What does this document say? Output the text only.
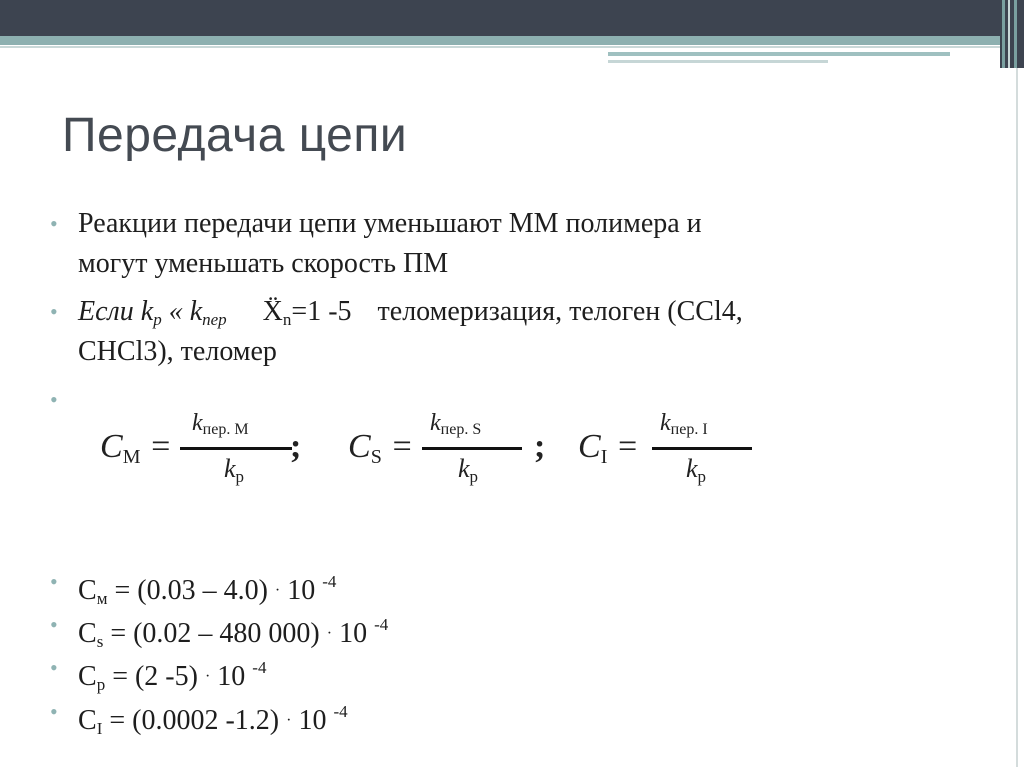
Передача цепи
• Реакции передачи цепи уменьшают ММ полимера и
могут уменьшать скорость ПМ
• Если $k_p$ « $k_{пер}$ Ẍ$_n$=1 -5 теломеризация, телоген (CCl4,
CHCl3), теломер
•
$C_M$ =
$k_{пер. M}$
$k_p$
; $C_S$ =
$k_{пер. S}$
$k_p$
; $C_I$ =
$k_{пер. I}$
$k_p$
• $C_м = (0.03 - 4.0) \cdot 10$ $^{-4}$
• $C_s = (0.02 - 480$ 000) · 10 $^{-4}$
• $C_p = (2$ -5) · 10 $^{-4}$
• $C_I = (0.0002$ -1.2) · 10 $^{-4}$
